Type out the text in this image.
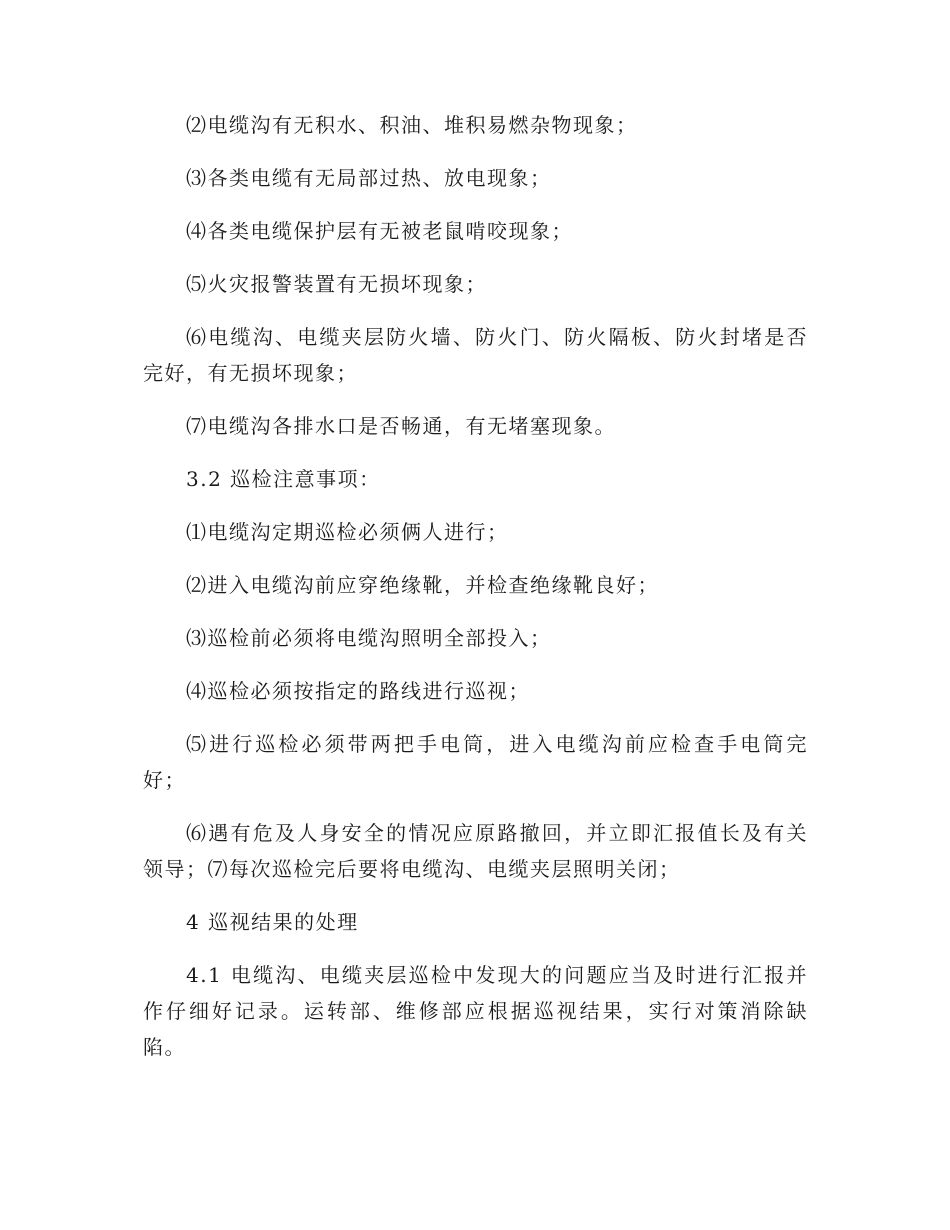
⑵电缆沟有无积水、积油、堆积易燃杂物现象；

⑶各类电缆有无局部过热、放电现象；

⑷各类电缆保护层有无被老鼠啃咬现象；

⑸火灾报警装置有无损坏现象；

⑹电缆沟、电缆夹层防火墙、防火门、防火隔板、防火封堵是否完好，有无损坏现象；

⑺电缆沟各排水口是否畅通，有无堵塞现象。

3.2 巡检注意事项：

⑴电缆沟定期巡检必须俩人进行；

⑵进入电缆沟前应穿绝缘靴，并检查绝缘靴良好；

⑶巡检前必须将电缆沟照明全部投入；

⑷巡检必须按指定的路线进行巡视；

⑸进行巡检必须带两把手电筒，进入电缆沟前应检查手电筒完好；

⑹遇有危及人身安全的情况应原路撤回，并立即汇报值长及有关领导；⑺每次巡检完后要将电缆沟、电缆夹层照明关闭；

4 巡视结果的处理

4.1 电缆沟、电缆夹层巡检中发现大的问题应当及时进行汇报并作仔细好记录。运转部、维修部应根据巡视结果，实行对策消除缺陷。
